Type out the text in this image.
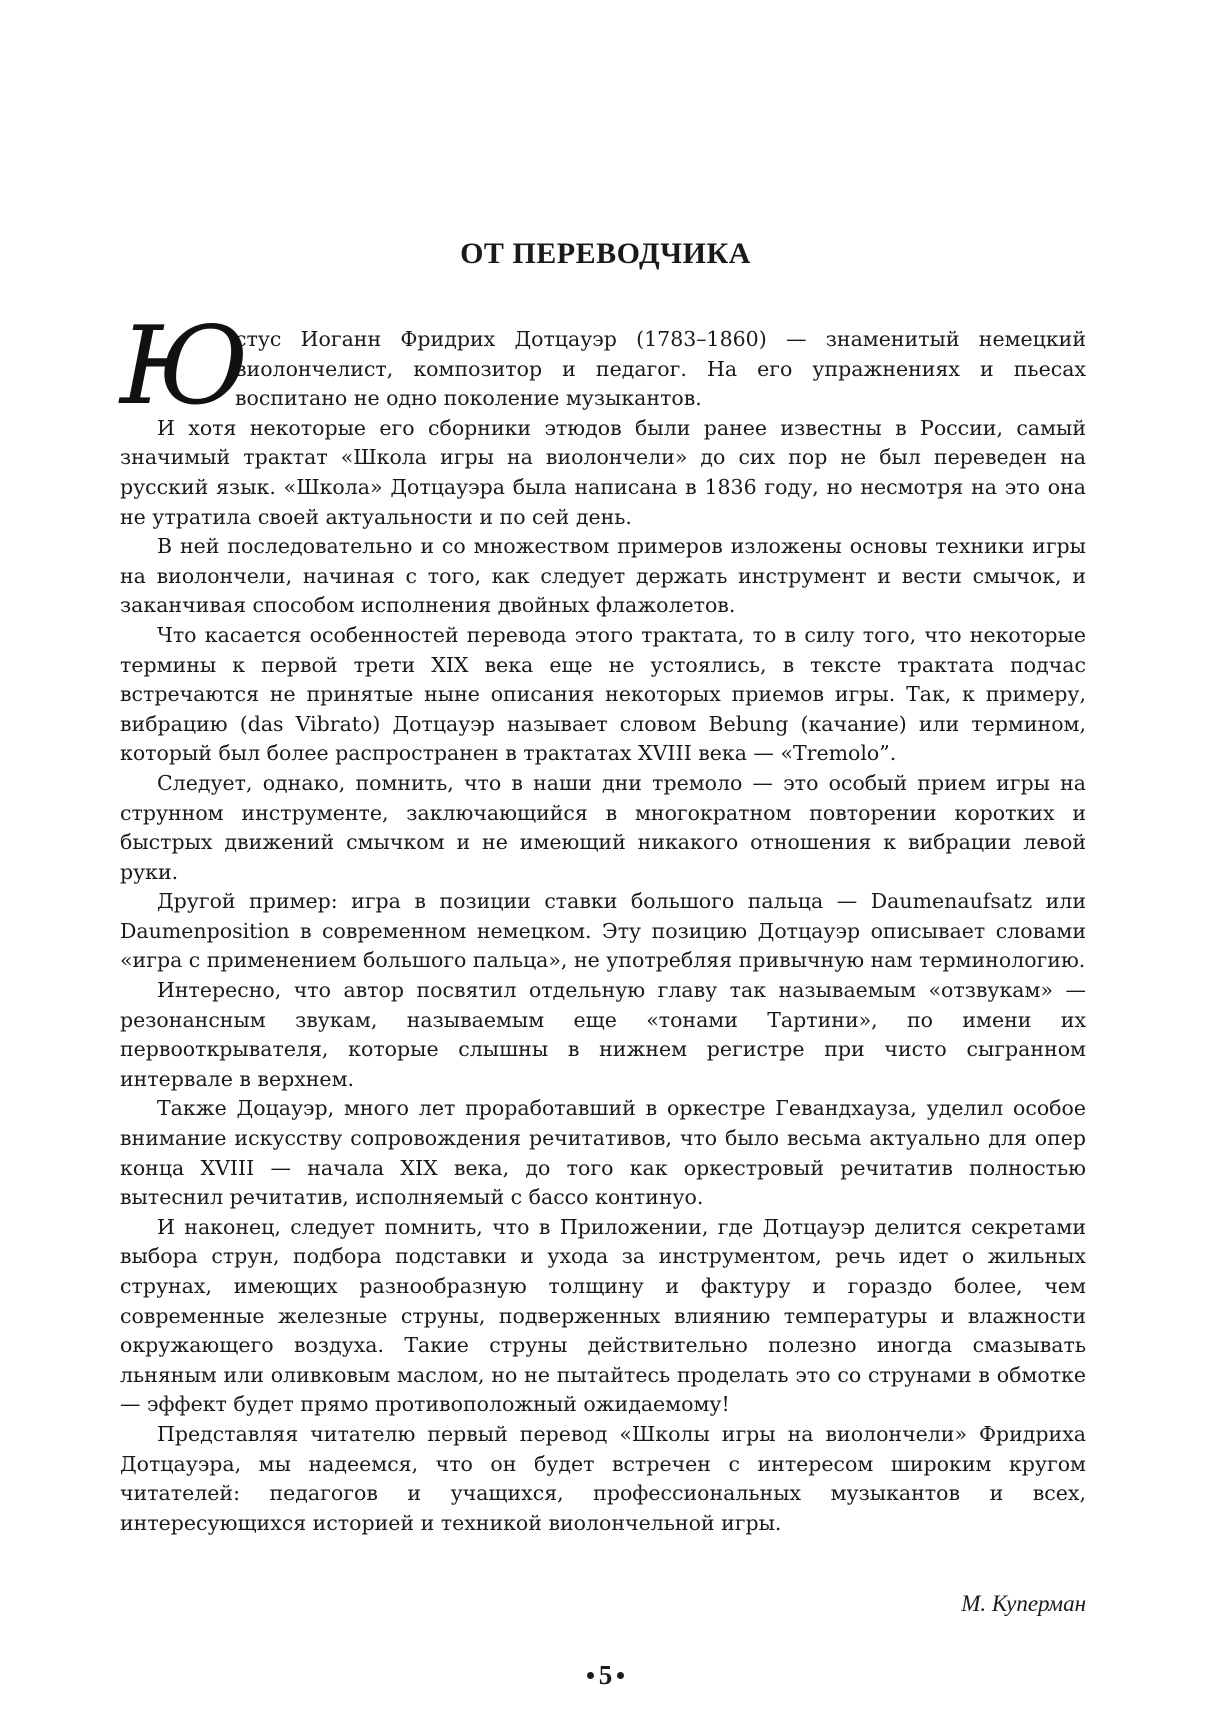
ОТ ПЕРЕВОДЧИКА
Ю
стус Иоганн Фридрих Дотцауэр (1783–1860) — знаменитый немецкий
виолончелист, композитор и педагог. На его упражнениях и пьесах
воспитано не одно поколение музыкантов.

И хотя некоторые его сборники этюдов были ранее известны в России, самый значимый трактат «Школа игры на виолончели» до сих пор не был переведен на русский язык. «Школа» Дотцауэра была написана в 1836 году, но несмотря на это она не утратила своей актуальности и по сей день.

В ней последовательно и со множеством примеров изложены основы техники игры на виолончели, начиная с того, как следует держать инструмент и вести смычок, и заканчивая способом исполнения двойных флажолетов.

Что касается особенностей перевода этого трактата, то в силу того, что некоторые термины к первой трети XIX века еще не устоялись, в тексте трактата подчас встречаются не принятые ныне описания некоторых приемов игры. Так, к примеру, вибрацию (das Vibrato) Дотцауэр называет словом Bebung (качание) или термином, который был более распространен в трактатах XVIII века — «Tremolo”.

Следует, однако, помнить, что в наши дни тремоло — это особый прием игры на струнном инструменте, заключающийся в многократном повторении коротких и быстрых движений смычком и не имеющий никакого отношения к вибрации левой руки.

Другой пример: игра в позиции ставки большого пальца — Daumenaufsatz или Daumenposition в современном немецком. Эту позицию Дотцауэр описывает словами «игра с применением большого пальца», не употребляя привычную нам терминологию.

Интересно, что автор посвятил отдельную главу так называемым «отзвукам» — резонансным звукам, называемым еще «тонами Тартини», по имени их первооткрывателя, которые слышны в нижнем регистре при чисто сыгранном интервале в верхнем.

Также Доцауэр, много лет проработавший в оркестре Гевандхауза, уделил особое внимание искусству сопровождения речитативов, что было весьма актуально для опер конца XVIII — начала XIX века, до того как оркестровый речитатив полностью вытеснил речитатив, исполняемый с бассо континуо.

И наконец, следует помнить, что в Приложении, где Дотцауэр делится секретами выбора струн, подбора подставки и ухода за инструментом, речь идет о жильных струнах, имеющих разнообразную толщину и фактуру и гораздо более, чем современные железные струны, подверженных влиянию температуры и влажности окружающего воздуха. Такие струны действительно полезно иногда смазывать льняным или оливковым маслом, но не пытайтесь проделать это со струнами в обмотке — эффект будет прямо противоположный ожидаемому!

Представляя читателю первый перевод «Школы игры на виолончели» Фридриха Дотцауэра, мы надеемся, что он будет встречен с интересом широким кругом читателей: педагогов и учащихся, профессиональных музыкантов и всех, интересующихся историей и техникой виолончельной игры.

М. Куперман
5
